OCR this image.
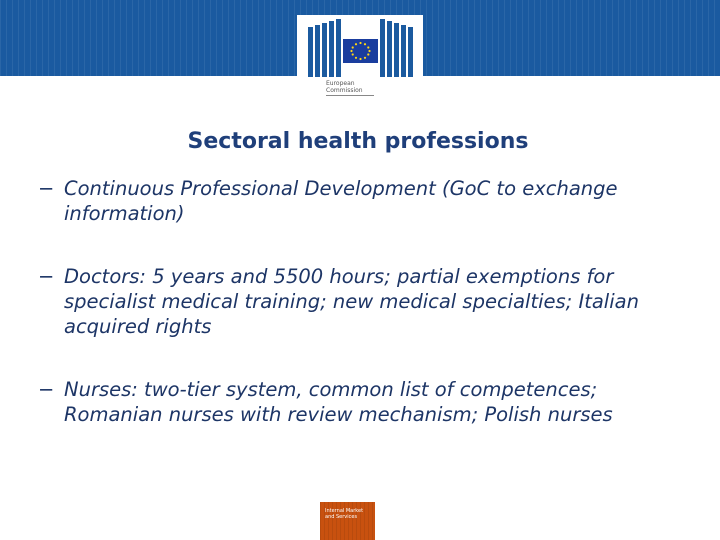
European
Commission
Sectoral health professions
− Continuous Professional Development (GoC to exchange information)
− Doctors: 5 years and 5500 hours; partial exemptions for specialist medical training; new medical specialties; Italian acquired rights
− Nurses: two-tier system, common list of competences; Romanian nurses with review mechanism; Polish nurses
Internal Market
and Services
